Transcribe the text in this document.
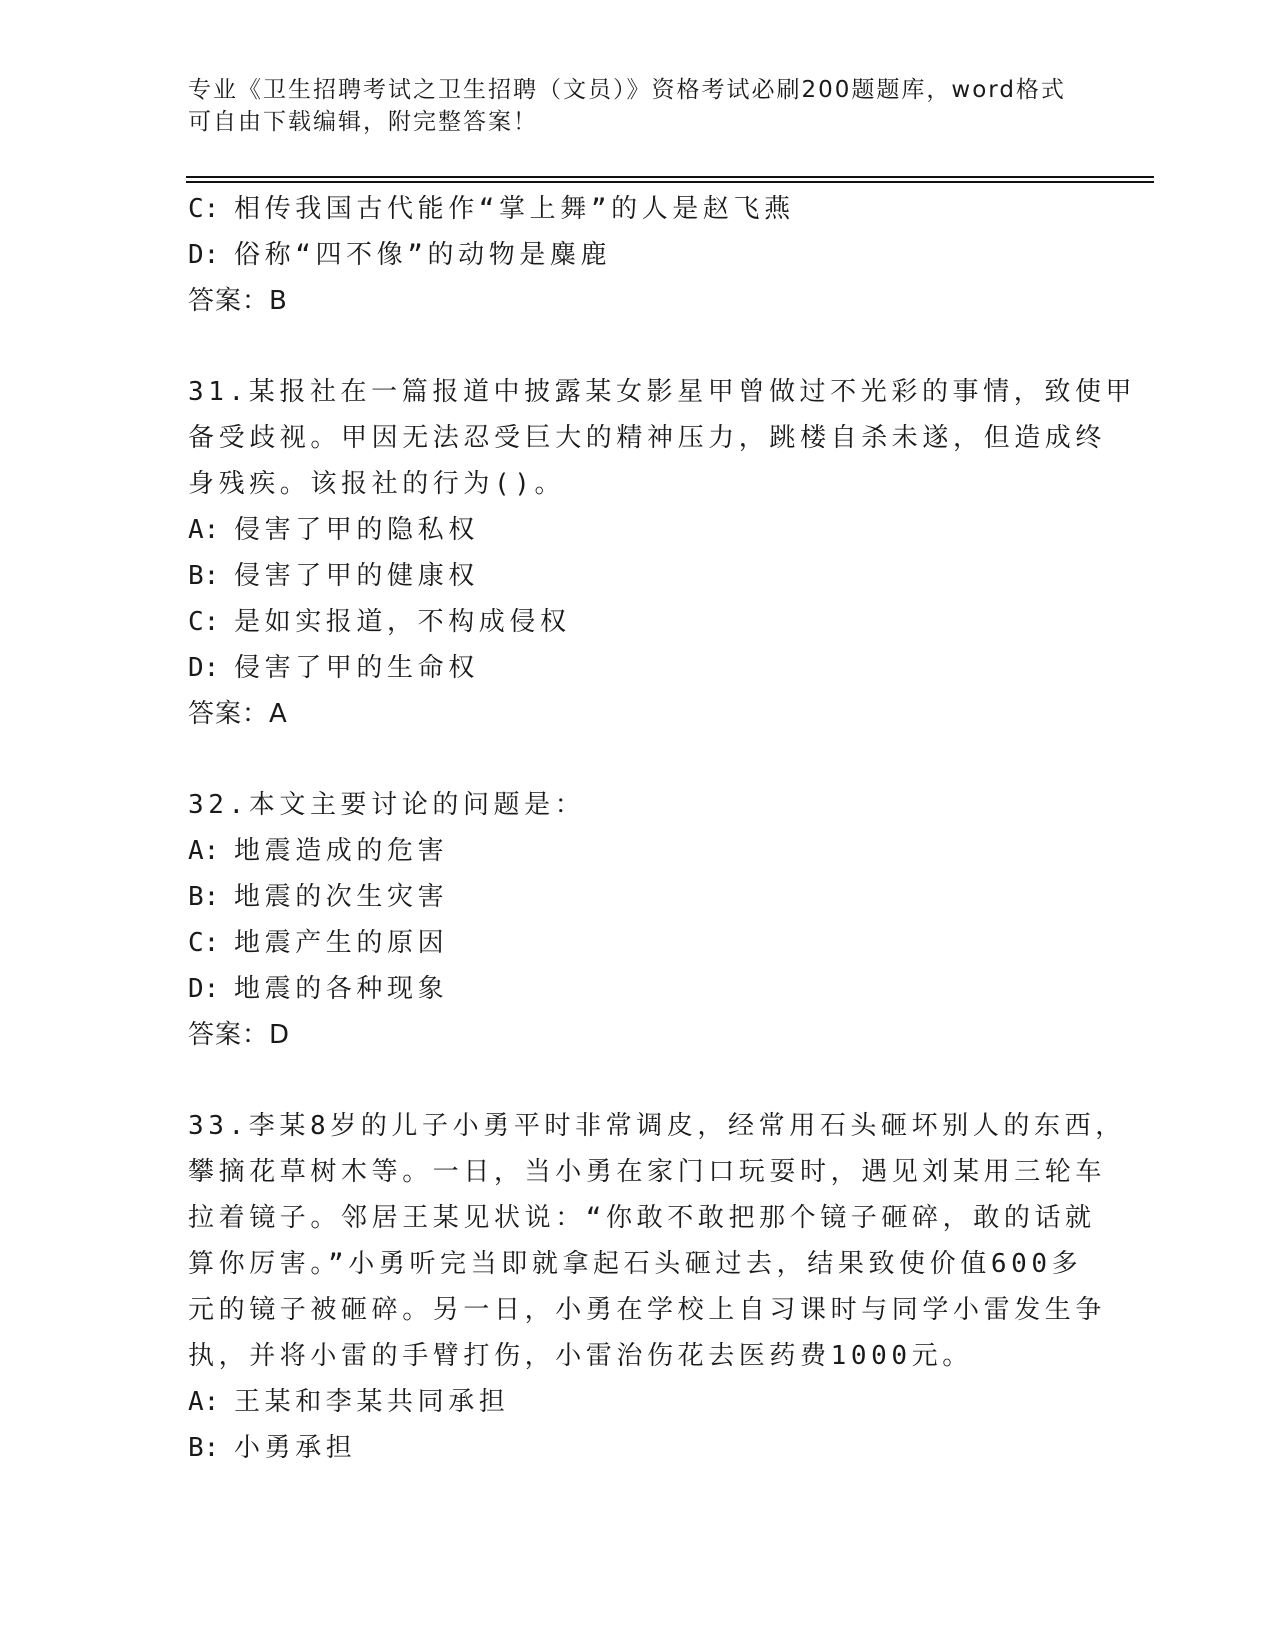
专业《卫生招聘考试之卫生招聘（文员）》资格考试必刷200题题库，word格式
可自由下载编辑，附完整答案！
C: 相传我国古代能作“掌上舞”的人是赵飞燕
D: 俗称“四不像”的动物是麋鹿
答案：B
31.某报社在一篇报道中披露某女影星甲曾做过不光彩的事情，致使甲
备受歧视。甲因无法忍受巨大的精神压力，跳楼自杀未遂，但造成终
身残疾。该报社的行为()。
A: 侵害了甲的隐私权
B: 侵害了甲的健康权
C: 是如实报道，不构成侵权
D: 侵害了甲的生命权
答案：A
32.本文主要讨论的问题是：
A: 地震造成的危害
B: 地震的次生灾害
C: 地震产生的原因
D: 地震的各种现象
答案：D
33.李某8岁的儿子小勇平时非常调皮，经常用石头砸坏别人的东西，
攀摘花草树木等。一日，当小勇在家门口玩耍时，遇见刘某用三轮车
拉着镜子。邻居王某见状说：“你敢不敢把那个镜子砸碎，敢的话就
算你厉害。”小勇听完当即就拿起石头砸过去，结果致使价值600多
元的镜子被砸碎。另一日，小勇在学校上自习课时与同学小雷发生争
执，并将小雷的手臂打伤，小雷治伤花去医药费1000元。
A: 王某和李某共同承担
B: 小勇承担
